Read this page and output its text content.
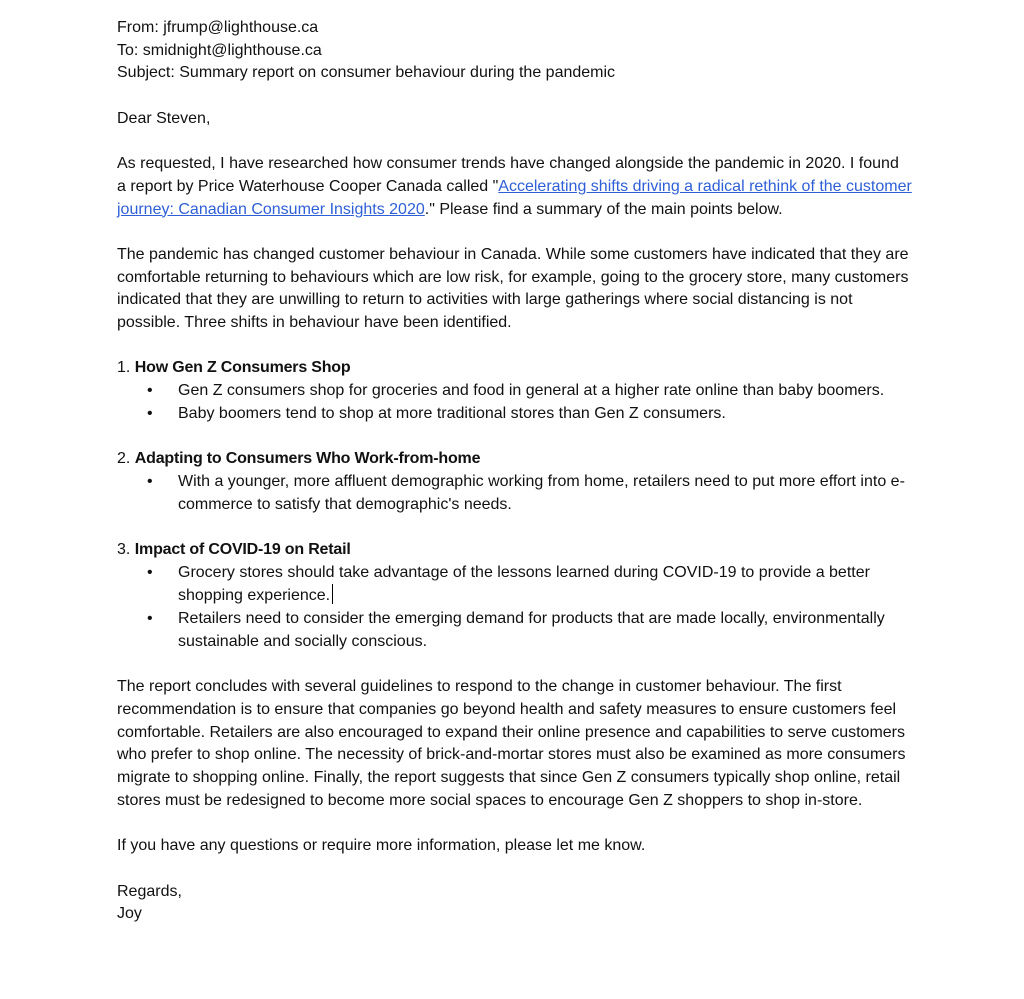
From: jfrump@lighthouse.ca

To: smidnight@lighthouse.ca

Subject: Summary report on consumer behaviour during the pandemic

Dear Steven,

As requested, I have researched how consumer trends have changed alongside the pandemic in 2020. I found a report by Price Waterhouse Cooper Canada called "Accelerating shifts driving a radical rethink of the customer journey: Canadian Consumer Insights 2020." Please find a summary of the main points below.

The pandemic has changed customer behaviour in Canada. While some customers have indicated that they are comfortable returning to behaviours which are low risk, for example, going to the grocery store, many customers indicated that they are unwilling to return to activities with large gatherings where social distancing is not possible. Three shifts in behaviour have been identified.

1. How Gen Z Consumers Shop

• Gen Z consumers shop for groceries and food in general at a higher rate online than baby boomers.
• Baby boomers tend to shop at more traditional stores than Gen Z consumers.

2. Adapting to Consumers Who Work-from-home

• With a younger, more affluent demographic working from home, retailers need to put more effort into e-commerce to satisfy that demographic's needs.

3. Impact of COVID-19 on Retail

• Grocery stores should take advantage of the lessons learned during COVID-19 to provide a better shopping experience.
• Retailers need to consider the emerging demand for products that are made locally, environmentally sustainable and socially conscious.

The report concludes with several guidelines to respond to the change in customer behaviour. The first recommendation is to ensure that companies go beyond health and safety measures to ensure customers feel comfortable. Retailers are also encouraged to expand their online presence and capabilities to serve customers who prefer to shop online. The necessity of brick-and-mortar stores must also be examined as more consumers migrate to shopping online. Finally, the report suggests that since Gen Z consumers typically shop online, retail stores must be redesigned to become more social spaces to encourage Gen Z shoppers to shop in-store.

If you have any questions or require more information, please let me know.

Regards,

Joy
